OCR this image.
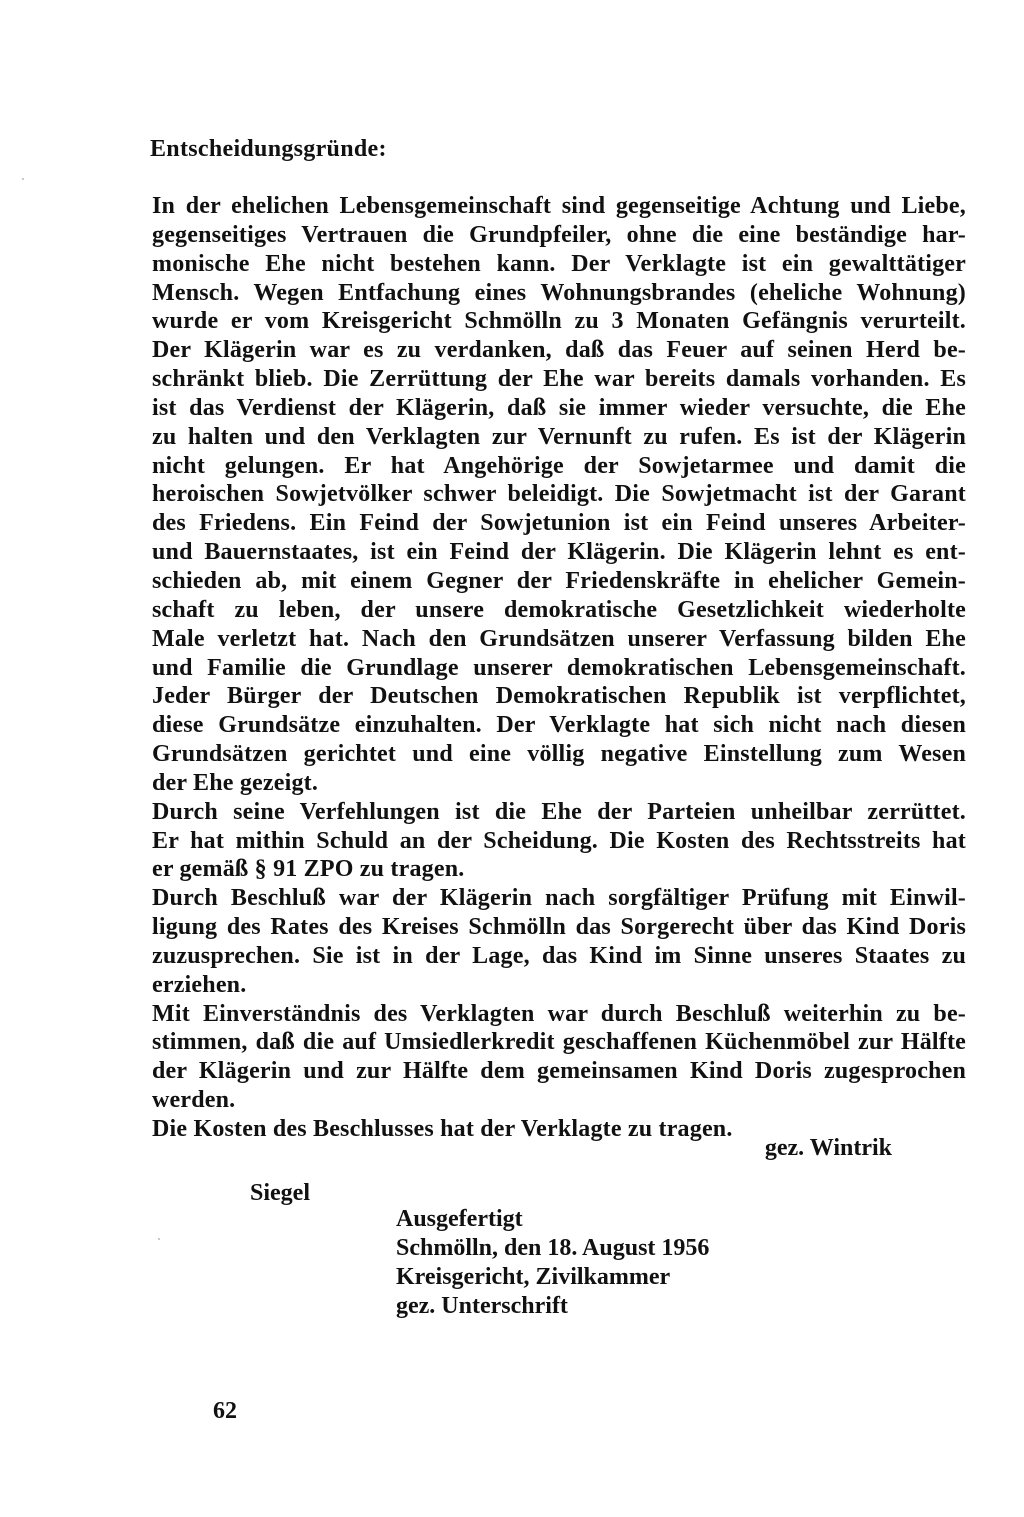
Entscheidungsgründe:
In der ehelichen Lebensgemeinschaft sind gegenseitige Achtung und Liebe,
gegenseitiges Vertrauen die Grundpfeiler, ohne die eine beständige har-
monische Ehe nicht bestehen kann. Der Verklagte ist ein gewalttätiger
Mensch. Wegen Entfachung eines Wohnungsbrandes (eheliche Wohnung)
wurde er vom Kreisgericht Schmölln zu 3 Monaten Gefängnis verurteilt.
Der Klägerin war es zu verdanken, daß das Feuer auf seinen Herd be-
schränkt blieb. Die Zerrüttung der Ehe war bereits damals vorhanden. Es
ist das Verdienst der Klägerin, daß sie immer wieder versuchte, die Ehe
zu halten und den Verklagten zur Vernunft zu rufen. Es ist der Klägerin
nicht gelungen. Er hat Angehörige der Sowjetarmee und damit die
heroischen Sowjetvölker schwer beleidigt. Die Sowjetmacht ist der Garant
des Friedens. Ein Feind der Sowjetunion ist ein Feind unseres Arbeiter-
und Bauernstaates, ist ein Feind der Klägerin. Die Klägerin lehnt es ent-
schieden ab, mit einem Gegner der Friedenskräfte in ehelicher Gemein-
schaft zu leben, der unsere demokratische Gesetzlichkeit wiederholte
Male verletzt hat. Nach den Grundsätzen unserer Verfassung bilden Ehe
und Familie die Grundlage unserer demokratischen Lebensgemeinschaft.
Jeder Bürger der Deutschen Demokratischen Republik ist verpflichtet,
diese Grundsätze einzuhalten. Der Verklagte hat sich nicht nach diesen
Grundsätzen gerichtet und eine völlig negative Einstellung zum Wesen
der Ehe gezeigt.
Durch seine Verfehlungen ist die Ehe der Parteien unheilbar zerrüttet.
Er hat mithin Schuld an der Scheidung. Die Kosten des Rechtsstreits hat
er gemäß § 91 ZPO zu tragen.
Durch Beschluß war der Klägerin nach sorgfältiger Prüfung mit Einwil-
ligung des Rates des Kreises Schmölln das Sorgerecht über das Kind Doris
zuzusprechen. Sie ist in der Lage, das Kind im Sinne unseres Staates zu
erziehen.
Mit Einverständnis des Verklagten war durch Beschluß weiterhin zu be-
stimmen, daß die auf Umsiedlerkredit geschaffenen Küchenmöbel zur Hälfte
der Klägerin und zur Hälfte dem gemeinsamen Kind Doris zugesprochen
werden.
Die Kosten des Beschlusses hat der Verklagte zu tragen.
gez. Wintrik
Siegel
Ausgefertigt
Schmölln, den 18. August 1956
Kreisgericht, Zivilkammer
gez. Unterschrift
62
